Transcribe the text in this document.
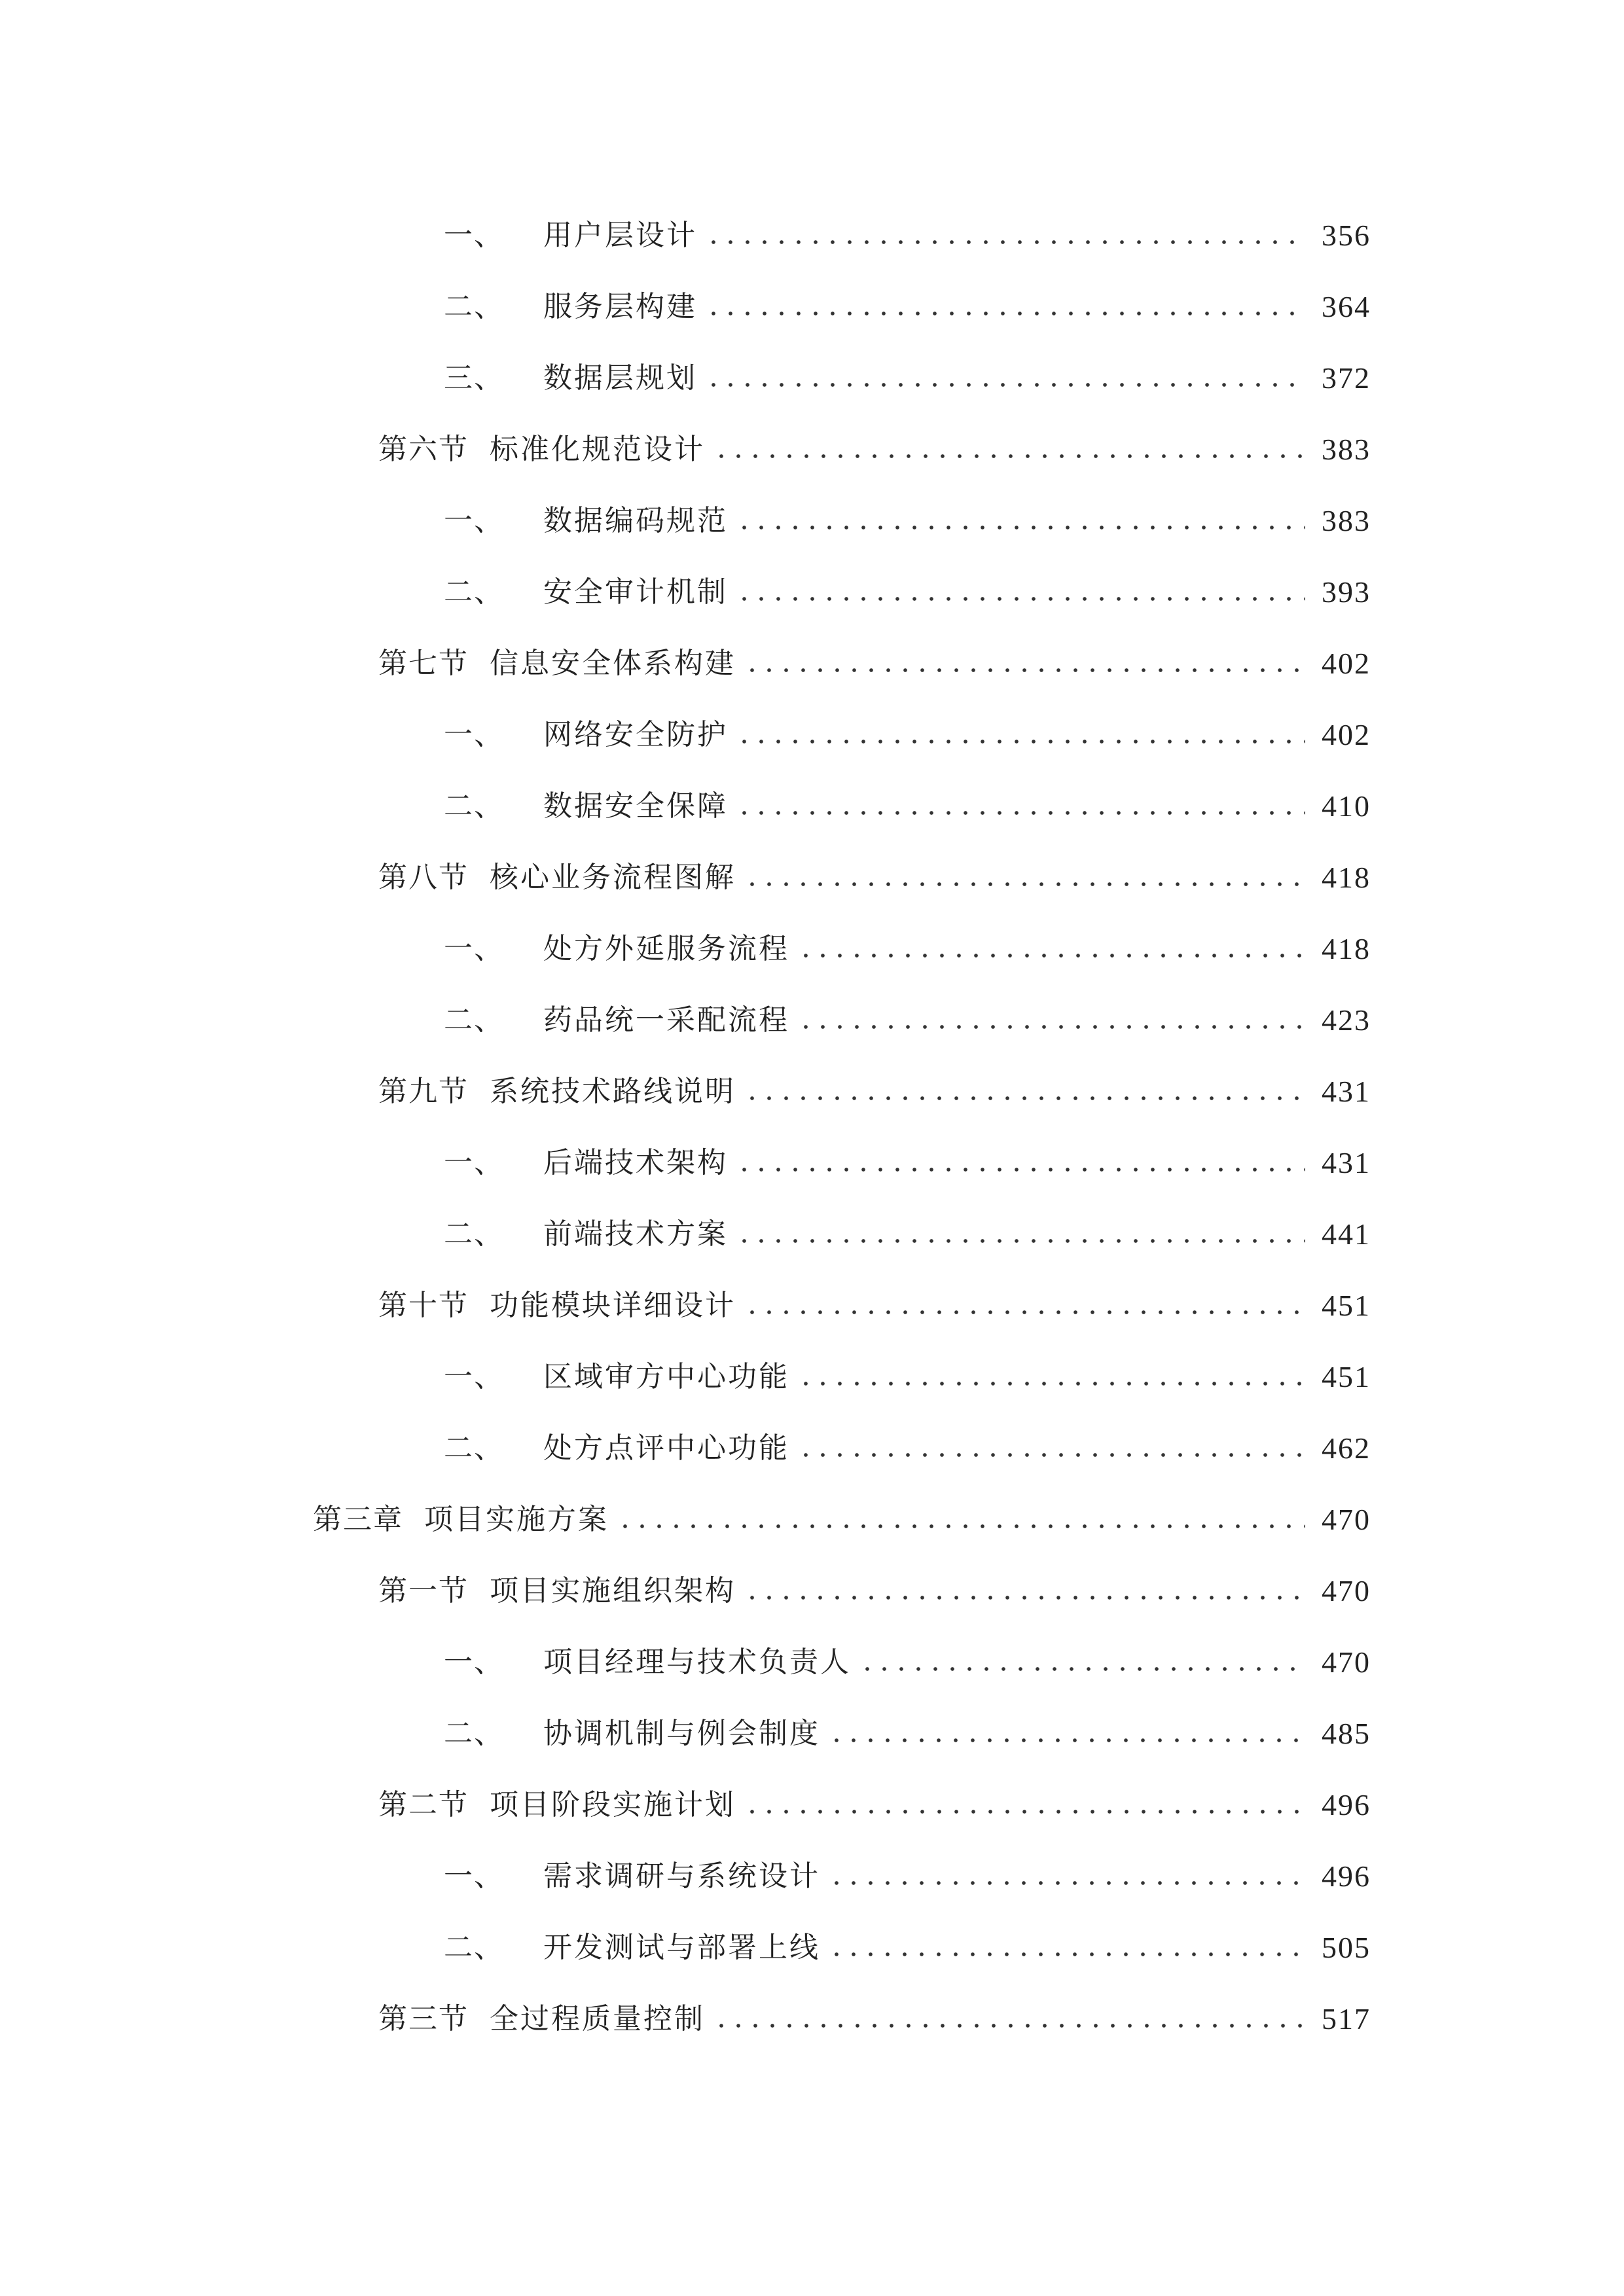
一、	用户层设计	356
二、	服务层构建	364
三、	数据层规划	372
第六节 标准化规范设计	383
一、	数据编码规范	383
二、	安全审计机制	393
第七节 信息安全体系构建	402
一、	网络安全防护	402
二、	数据安全保障	410
第八节 核心业务流程图解	418
一、	处方外延服务流程	418
二、	药品统一采配流程	423
第九节 系统技术路线说明	431
一、	后端技术架构	431
二、	前端技术方案	441
第十节 功能模块详细设计	451
一、	区域审方中心功能	451
二、	处方点评中心功能	462
第三章 项目实施方案	470
第一节 项目实施组织架构	470
一、	项目经理与技术负责人	470
二、	协调机制与例会制度	485
第二节 项目阶段实施计划	496
一、	需求调研与系统设计	496
二、	开发测试与部署上线	505
第三节 全过程质量控制	517
